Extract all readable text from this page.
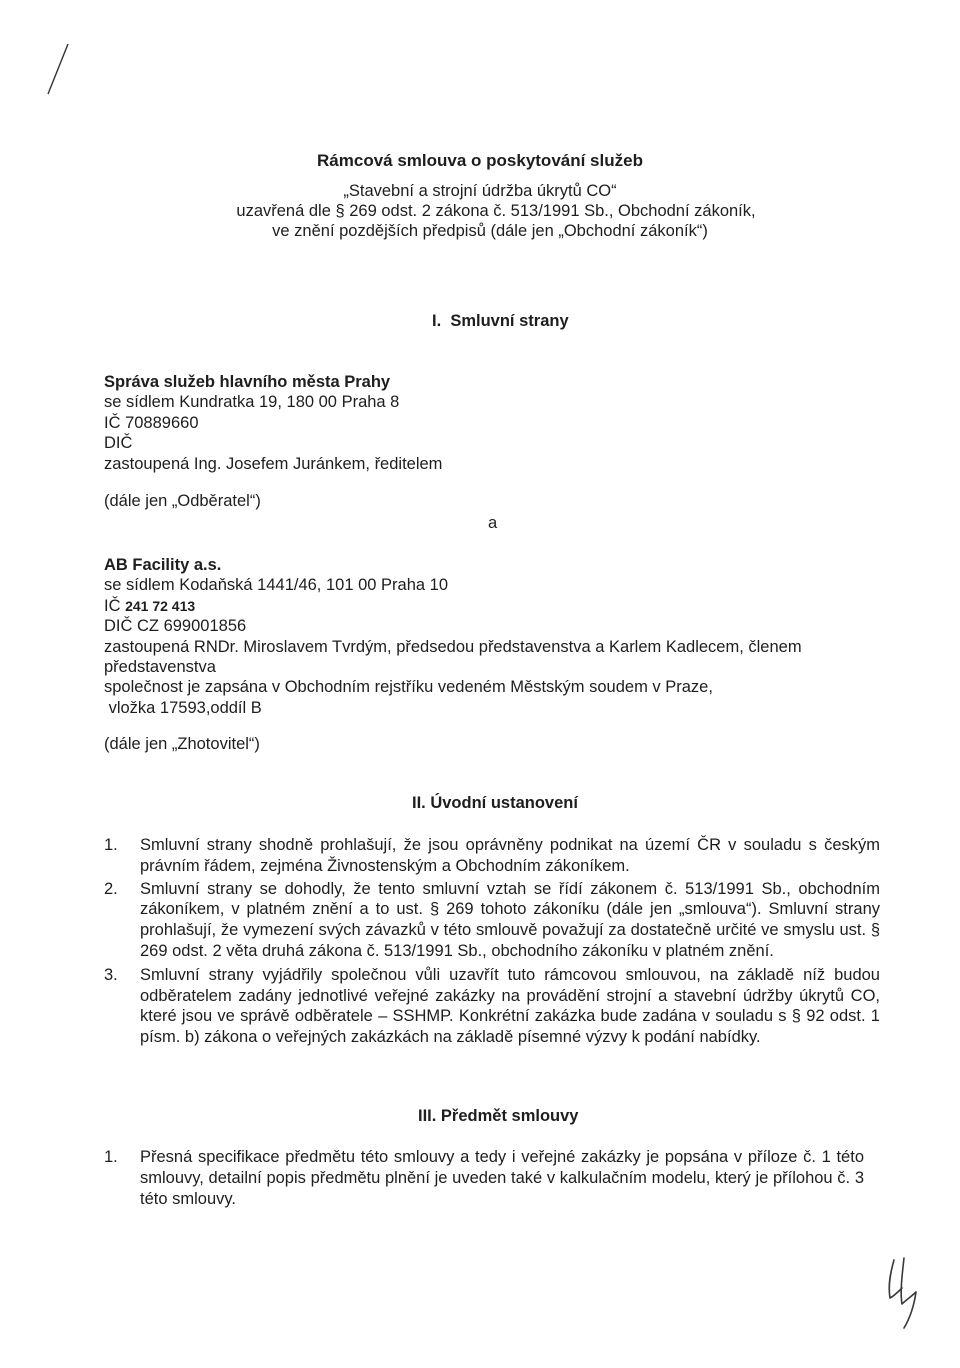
Rámcová smlouva o poskytování služeb
„Stavební a strojní údržba úkrytů CO“
uzavřená dle § 269 odst. 2 zákona č. 513/1991 Sb., Obchodní zákoník,
ve znění pozdějších předpisů (dále jen „Obchodní zákoník“)
I.  Smluvní strany
Správa služeb hlavního města Prahy
se sídlem Kundratka 19, 180 00 Praha 8
IČ 70889660
DIČ
zastoupená Ing. Josefem Juránkem, ředitelem
(dále jen „Odběratel“)
a
AB Facility a.s.
se sídlem Kodaňská 1441/46, 101 00 Praha 10
IČ 241 72 413
DIČ CZ 699001856
zastoupená RNDr. Miroslavem Tvrdým, předsedou představenstva a Karlem Kadlecem, členem
představenstva
společnost je zapsána v Obchodním rejstříku vedeném Městským soudem v Praze,
vložka 17593,oddíl B
(dále jen „Zhotovitel“)
II. Úvodní ustanovení
1. Smluvní strany shodně prohlašují, že jsou oprávněny podnikat na území ČR v souladu s českým právním řádem, zejména Živnostenským a Obchodním zákoníkem.
2. Smluvní strany se dohodly, že tento smluvní vztah se řídí zákonem č. 513/1991 Sb., obchodním zákoníkem, v platném znění a to ust. § 269 tohoto zákoníku (dále jen „smlouva“). Smluvní strany prohlašují, že vymezení svých závazků v této smlouvě považují za dostatečně určité ve smyslu ust. § 269 odst. 2 věta druhá zákona č. 513/1991 Sb., obchodního zákoníku v platném znění.
3. Smluvní strany vyjádřily společnou vůli uzavřít tuto rámcovou smlouvou, na základě níž budou odběratelem zadány jednotlivé veřejné zakázky na provádění strojní a stavební údržby úkrytů CO, které jsou ve správě odběratele – SSHMP. Konkrétní zakázka bude zadána v souladu s § 92 odst. 1 písm. b) zákona o veřejných zakázkách na základě písemné výzvy k podání nabídky.
III. Předmět smlouvy
1. Přesná specifikace předmětu této smlouvy a tedy i veřejné zakázky je popsána v příloze č. 1 této smlouvy, detailní popis předmětu plnění je uveden také v kalkulačním modelu, který je přílohou č. 3 této smlouvy.
